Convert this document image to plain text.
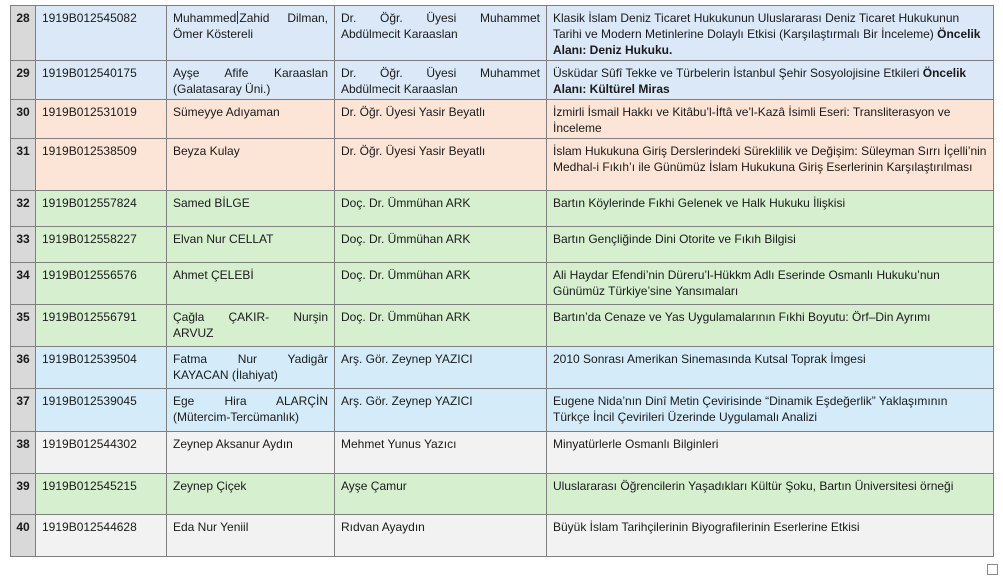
28	1919B012545082	Muhammed Zahid Dilman, Ömer Köstereli	Dr. Öğr. Üyesi Muhammet Abdülmecit Karaaslan	Klasik İslam Deniz Ticaret Hukukunun Uluslararası Deniz Ticaret Hukukunun Tarihi ve Modern Metinlerine Dolaylı Etkisi (Karşılaştırmalı Bir İnceleme) Öncelik Alanı: Deniz Hukuku.
29	1919B012540175	Ayşe Afife Karaaslan (Galatasaray Üni.)	Dr. Öğr. Üyesi Muhammet Abdülmecit Karaaslan	Üsküdar Sûfî Tekke ve Türbelerin İstanbul Şehir Sosyolojisine Etkileri Öncelik Alanı: Kültürel Miras
30	1919B012531019	Sümeyye Adıyaman	Dr. Öğr. Üyesi Yasir Beyatlı	İzmirli İsmail Hakkı ve Kitâbu’l-İftâ ve’l-Kazâ İsimli Eseri: Transliterasyon ve İnceleme
31	1919B012538509	Beyza Kulay	Dr. Öğr. Üyesi Yasir Beyatlı	İslam Hukukuna Giriş Derslerindeki Süreklilik ve Değişim: Süleyman Sırrı İçelli’nin Medhal-i Fıkıh’ı ile Günümüz İslam Hukukuna Giriş Eserlerinin Karşılaştırılması
32	1919B012557824	Samed BİLGE	Doç. Dr. Ümmühan ARK	Bartın Köylerinde Fıkhi Gelenek ve Halk Hukuku İlişkisi
33	1919B012558227	Elvan Nur CELLAT	Doç. Dr. Ümmühan ARK	Bartın Gençliğinde Dini Otorite ve Fıkıh Bilgisi
34	1919B012556576	Ahmet ÇELEBİ	Doç. Dr. Ümmühan ARK	Ali Haydar Efendi’nin Düreru’l-Hükkm Adlı Eserinde Osmanlı Hukuku’nun Günümüz Türkiye’sine Yansımaları
35	1919B012556791	Çağla ÇAKIR- Nurşin ARVUZ	Doç. Dr. Ümmühan ARK	Bartın’da Cenaze ve Yas Uygulamalarının Fıkhi Boyutu: Örf–Din Ayrımı
36	1919B012539504	Fatma Nur Yadigâr KAYACAN (İlahiyat)	Arş. Gör. Zeynep YAZICI	2010 Sonrası Amerikan Sinemasında Kutsal Toprak İmgesi
37	1919B012539045	Ege Hira ALARÇİN (Mütercim-Tercümanlık)	Arş. Gör. Zeynep YAZICI	Eugene Nida’nın Dinî Metin Çevirisinde “Dinamik Eşdeğerlik” Yaklaşımının Türkçe İncil Çevirileri Üzerinde Uygulamalı Analizi
38	1919B012544302	Zeynep Aksanur Aydın	Mehmet Yunus Yazıcı	Minyatürlerle Osmanlı Bilginleri
39	1919B012545215	Zeynep Çiçek	Ayşe Çamur	Uluslararası Öğrencilerin Yaşadıkları Kültür Şoku, Bartın Üniversitesi örneği
40	1919B012544628	Eda Nur Yeniil	Rıdvan Ayaydın	Büyük İslam Tarihçilerinin Biyografilerinin Eserlerine Etkisi
